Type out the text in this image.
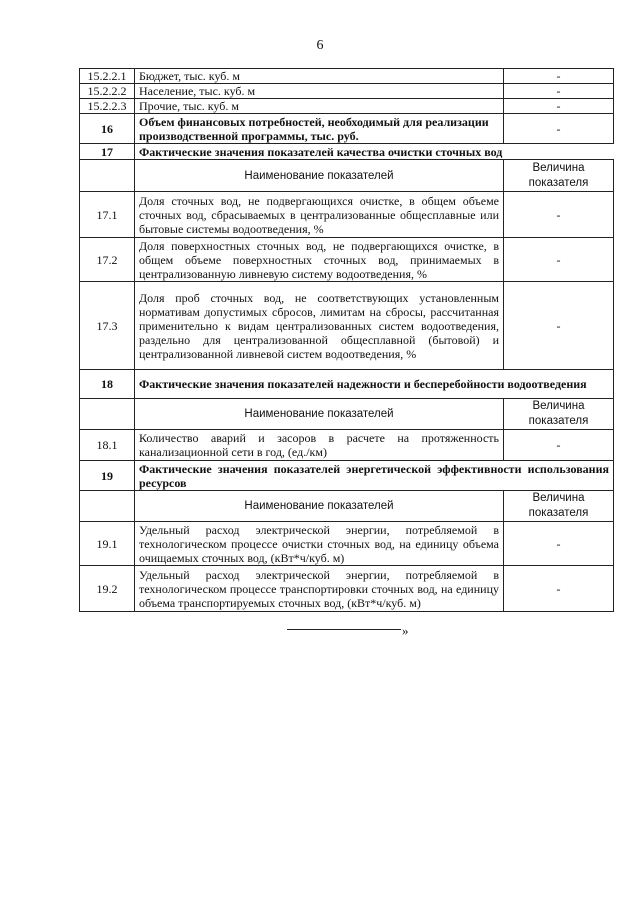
6
15.2.2.1	Бюджет, тыс. куб. м	-
15.2.2.2	Население, тыс. куб. м	-
15.2.2.3	Прочие, тыс. куб. м	-
16	Объем финансовых потребностей, необходимый для реализации производственной программы, тыс. руб.	-
17	Фактические значения показателей качества очистки сточных вод	
	Наименование показателей	Величина показателя
17.1	Доля сточных вод, не подвергающихся очистке, в общем объеме сточных вод, сбрасываемых в централизованные общесплавные или бытовые системы водоотведения, %	-
17.2	Доля поверхностных сточных вод, не подвергающихся очистке, в общем объеме поверхностных сточных вод, принимаемых в централизованную ливневую систему водоотведения, %	-
17.3	Доля проб сточных вод, не соответствующих установленным нормативам допустимых сбросов, лимитам на сбросы, рассчитанная применительно к видам централизованных систем водоотведения, раздельно для централизованной общесплавной (бытовой) и централизованной ливневой систем водоотведения, %	-
18	Фактические значения показателей надежности и бесперебойности водоотведения	
	Наименование показателей	Величина показателя
18.1	Количество аварий и засоров в расчете на протяженность канализационной сети в год, (ед./км)	-
19	Фактические значения показателей энергетической эффективности использования ресурсов	
	Наименование показателей	Величина показателя
19.1	Удельный расход электрической энергии, потребляемой в технологическом процессе очистки сточных вод, на единицу объема очищаемых сточных вод, (кВт*ч/куб. м)	-
19.2	Удельный расход электрической энергии, потребляемой в технологическом процессе транспортировки сточных вод, на единицу объема транспортируемых сточных вод, (кВт*ч/куб. м)	-
»
